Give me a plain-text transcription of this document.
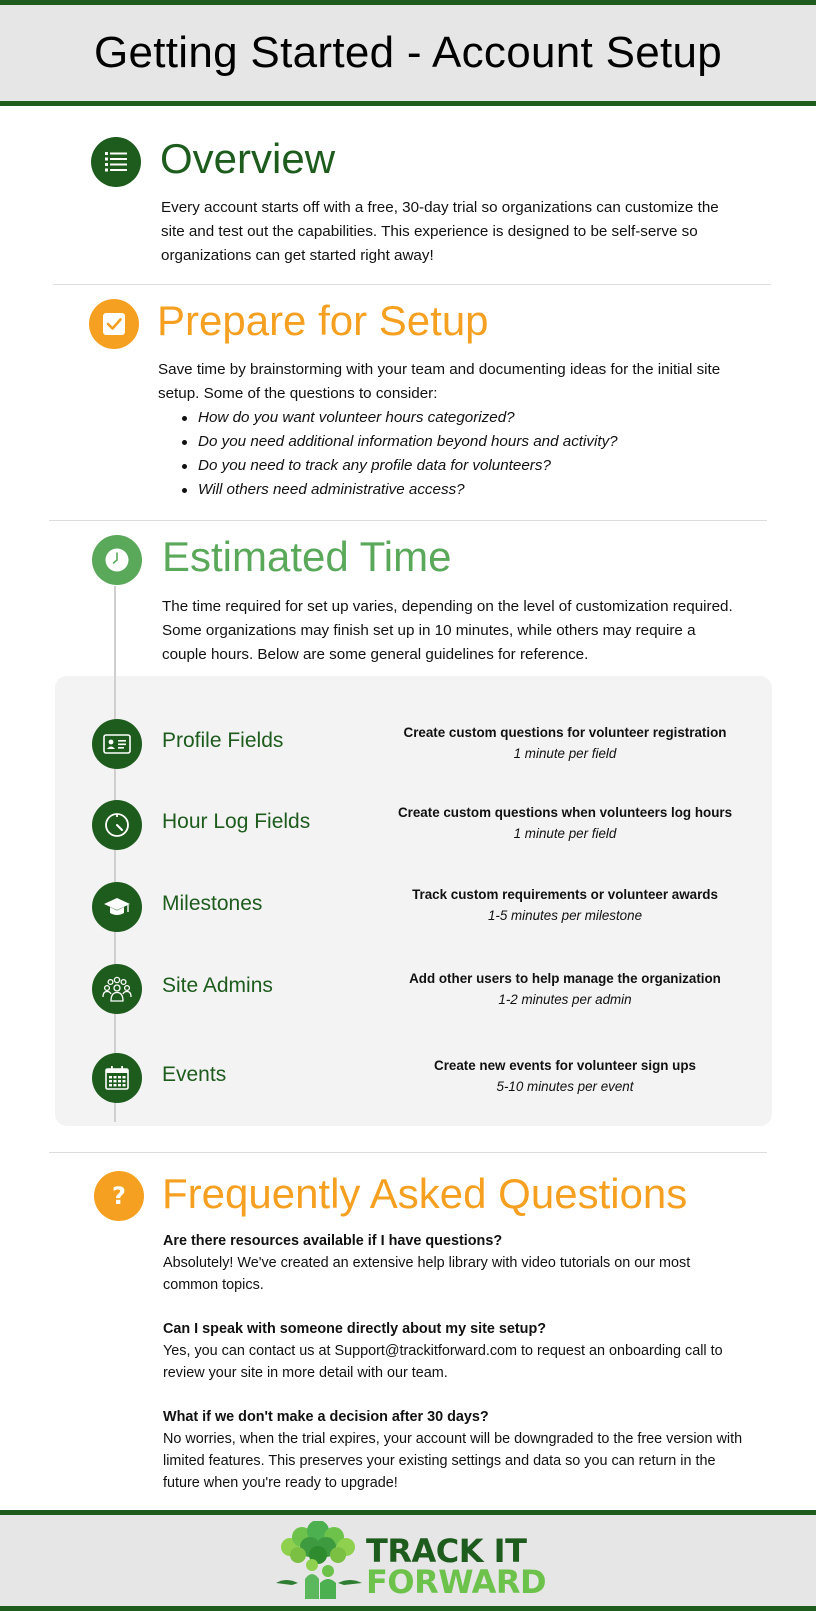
Getting Started - Account Setup
Overview
Every account starts off with a free, 30-day trial so organizations can customize the site and test out the capabilities. This experience is designed to be self-serve so organizations can get started right away!
Prepare for Setup
Save time by brainstorming with your team and documenting ideas for the initial site setup. Some of the questions to consider:
How do you want volunteer hours categorized?
Do you need additional information beyond hours and activity?
Do you need to track any profile data for volunteers?
Will others need administrative access?
Estimated Time
The time required for set up varies, depending on the level of customization required. Some organizations may finish set up in 10 minutes, while others may require a couple hours. Below are some general guidelines for reference.
Profile Fields	Create custom questions for volunteer registration
1 minute per field
Hour Log Fields	Create custom questions when volunteers log hours
1 minute per field
Milestones	Track custom requirements or volunteer awards
1-5 minutes per milestone
Site Admins	Add other users to help manage the organization
1-2 minutes per admin
Events	Create new events for volunteer sign ups
5-10 minutes per event
? Frequently Asked Questions
Are there resources available if I have questions?
Absolutely! We've created an extensive help library with video tutorials on our most common topics.
Can I speak with someone directly about my site setup?
Yes, you can contact us at Support@trackitforward.com to request an onboarding call to review your site in more detail with our team.
What if we don't make a decision after 30 days?
No worries, when the trial expires, your account will be downgraded to the free version with limited features. This preserves your existing settings and data so you can return in the future when you're ready to upgrade!
TRACK IT
FORWARD
